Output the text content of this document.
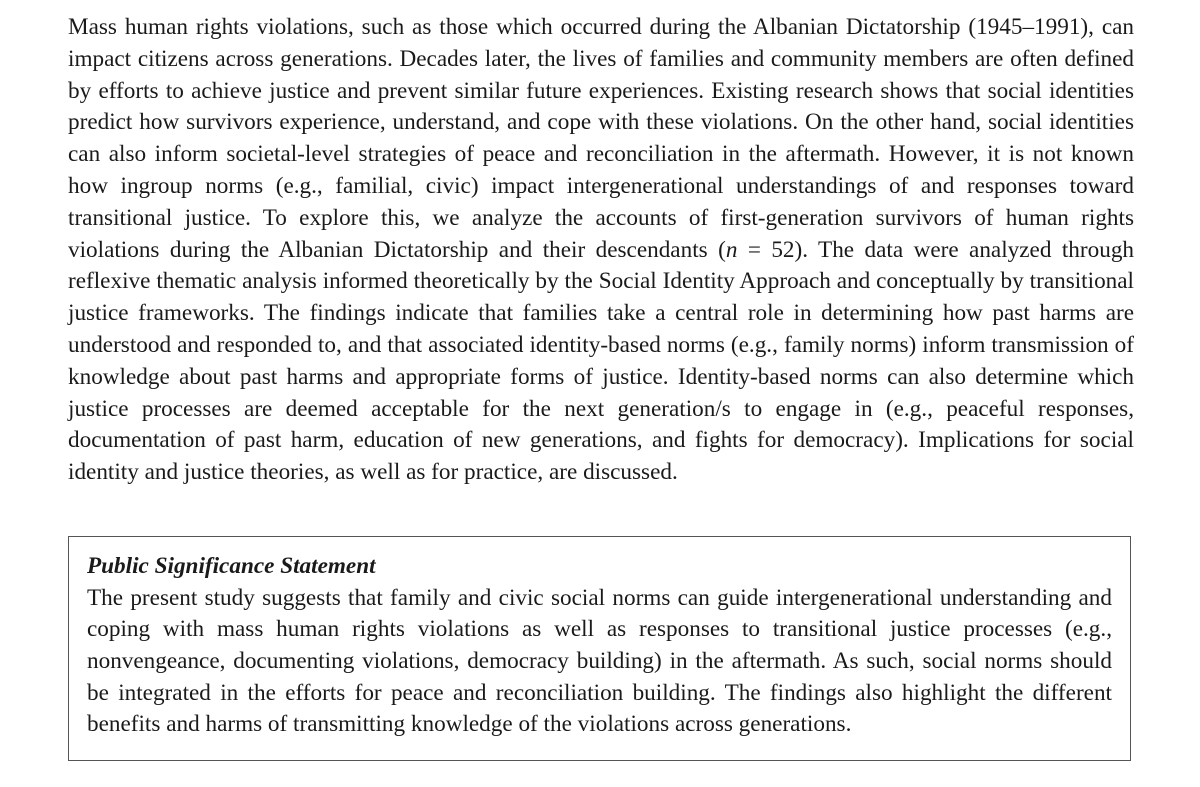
Mass human rights violations, such as those which occurred during the Albanian Dictatorship (1945–1991), can impact citizens across generations. Decades later, the lives of families and community members are often defined by efforts to achieve justice and prevent similar future experiences. Existing research shows that social identities predict how survivors experience, understand, and cope with these violations. On the other hand, social identities can also inform societal-level strategies of peace and reconciliation in the aftermath. However, it is not known how ingroup norms (e.g., familial, civic) impact intergenerational understandings of and responses toward transitional justice. To explore this, we analyze the accounts of first-generation survivors of human rights violations during the Albanian Dictatorship and their descendants (n = 52). The data were analyzed through reflexive thematic analysis informed theoretically by the Social Identity Approach and conceptually by transitional justice frameworks. The findings indicate that families take a central role in determining how past harms are understood and responded to, and that associated identity-based norms (e.g., family norms) inform transmission of knowledge about past harms and appropriate forms of justice. Identity-based norms can also determine which justice processes are deemed acceptable for the next generation/s to engage in (e.g., peaceful responses, documentation of past harm, education of new generations, and fights for democracy). Implications for social identity and justice theories, as well as for practice, are discussed.

Public Significance Statement

The present study suggests that family and civic social norms can guide intergenerational understanding and coping with mass human rights violations as well as responses to transitional justice processes (e.g., nonvengeance, documenting violations, democracy building) in the aftermath. As such, social norms should be integrated in the efforts for peace and reconciliation building. The findings also highlight the different benefits and harms of transmitting knowledge of the violations across generations.
